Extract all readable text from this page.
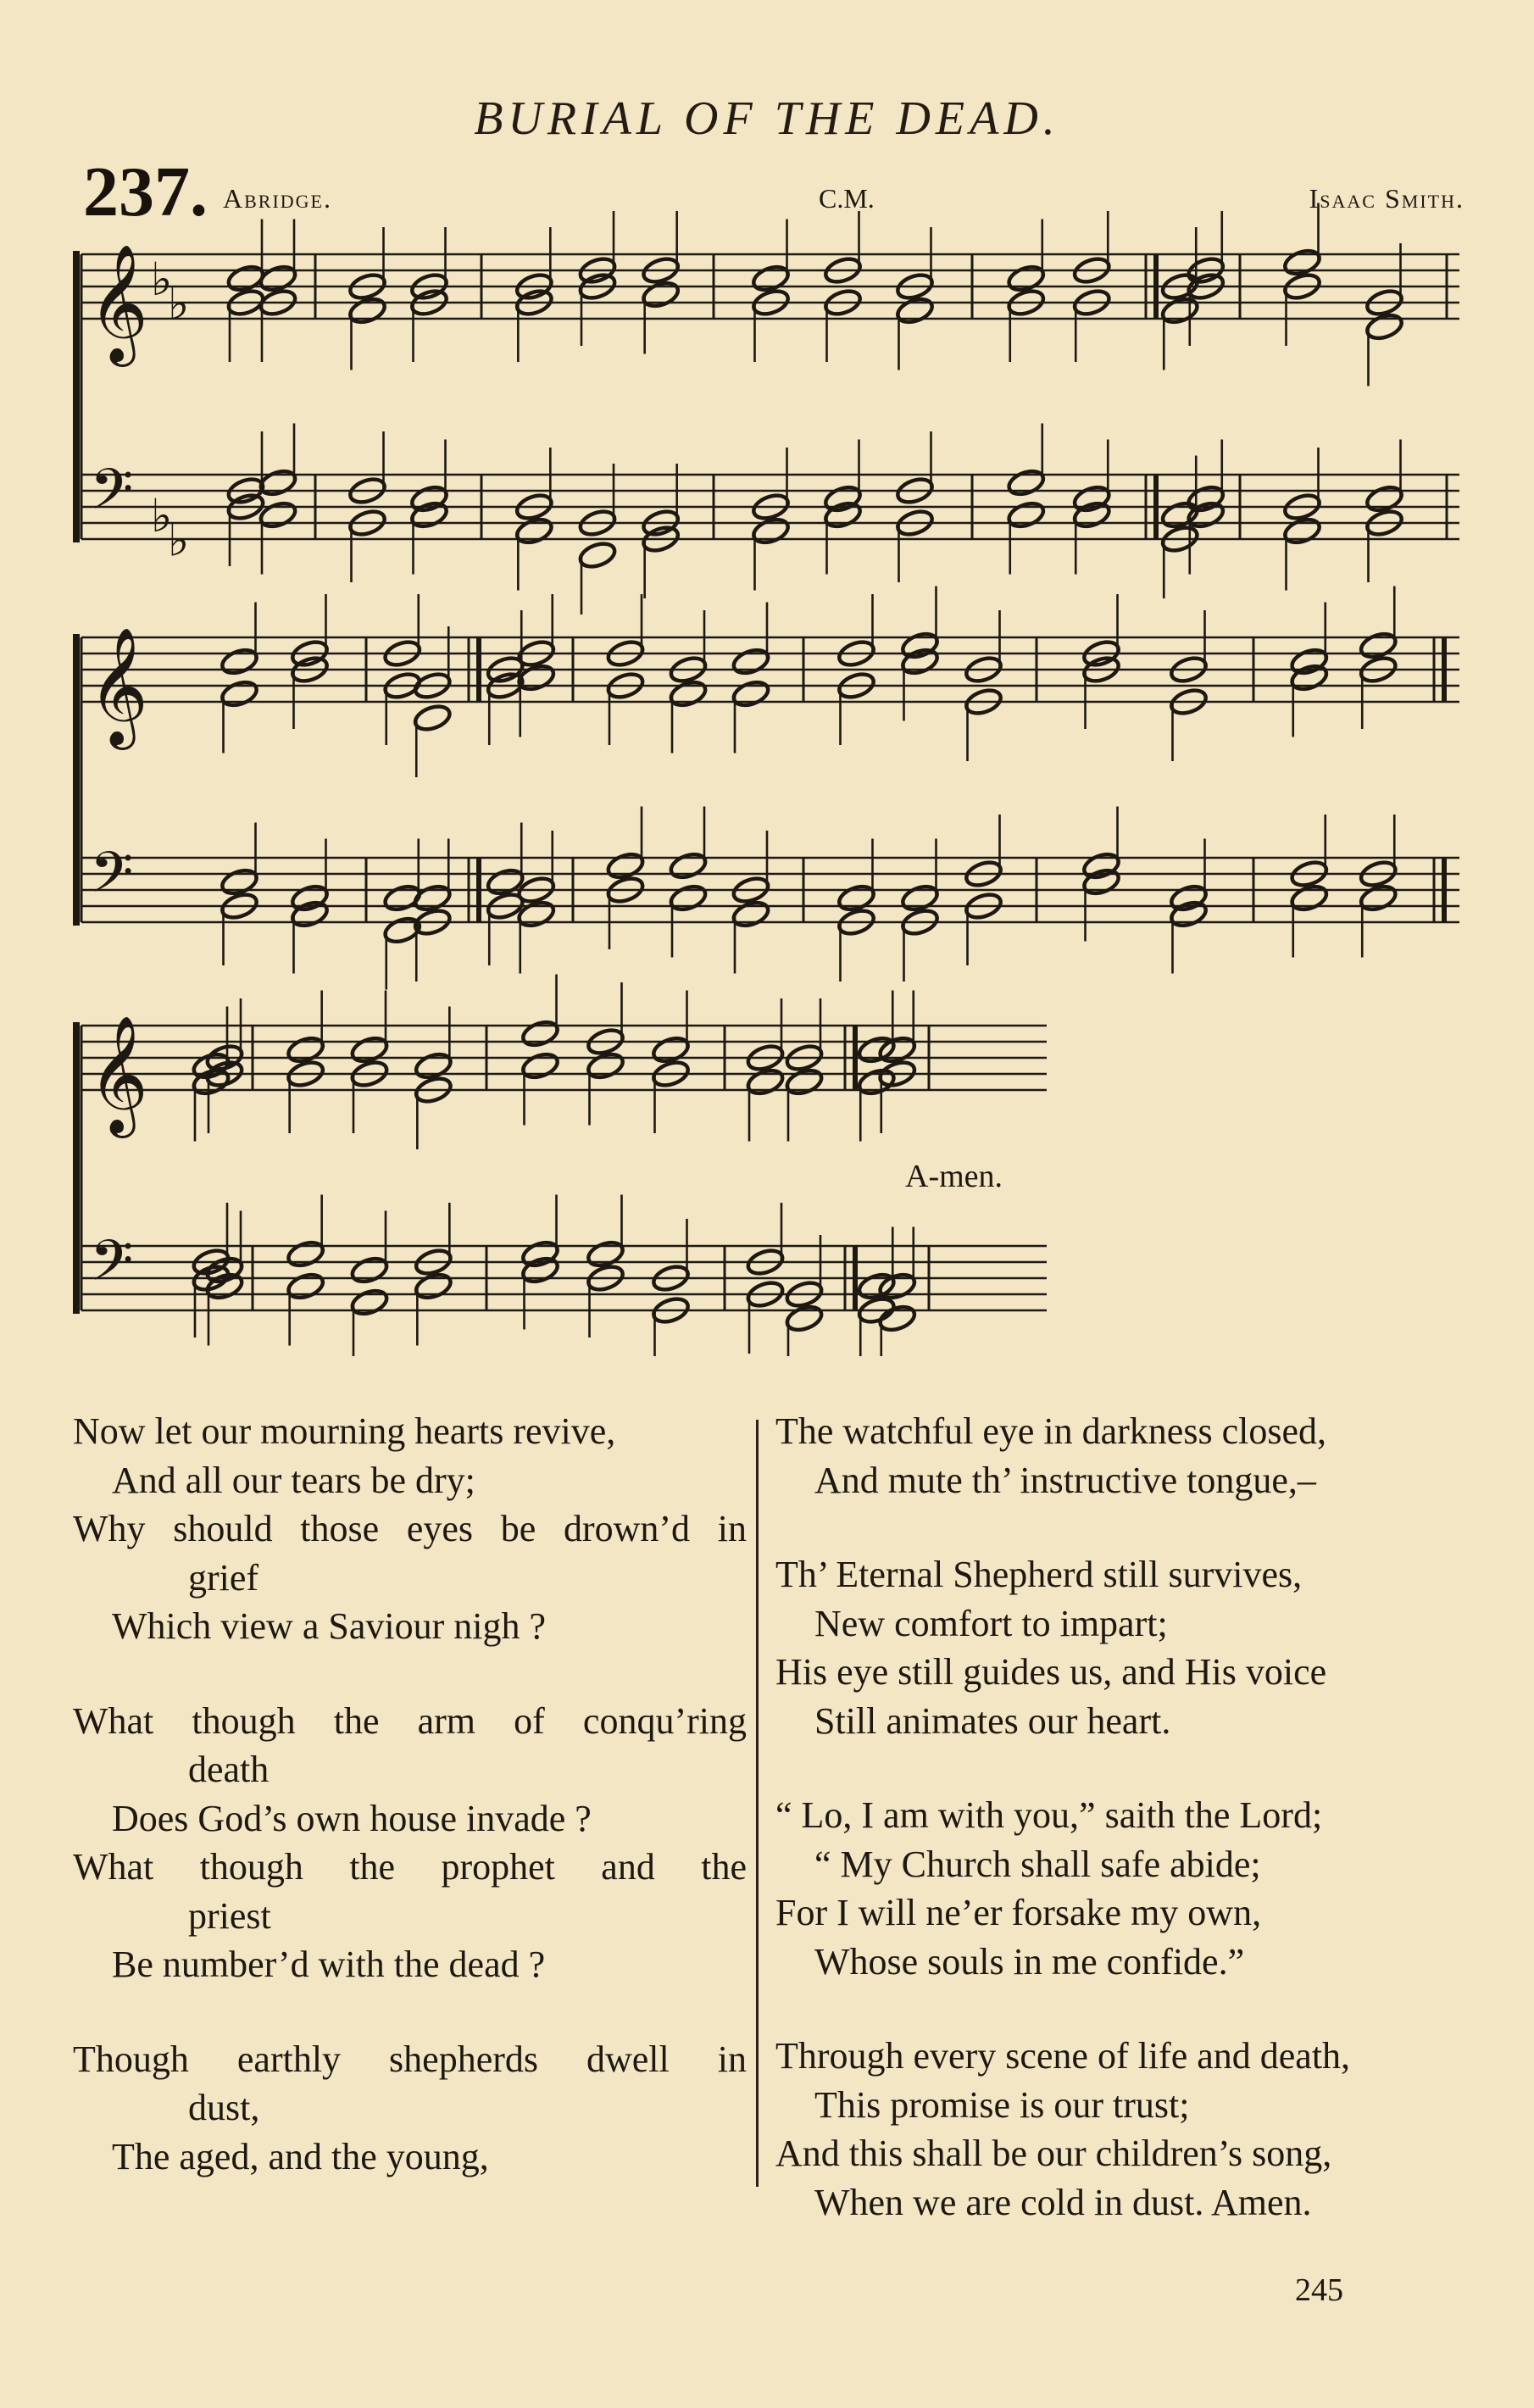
BURIAL OF THE DEAD.
237. Abridge.	C.M.	Isaac Smith.
𝄞
𝄢
♭
♭
♭
♭
𝄞
𝄢
𝄞
𝄢
A-men.
Now let our mourning hearts revive,
And all our tears be dry;
Why should those eyes be drown’d in
grief
Which view a Saviour nigh ?
What though the arm of conqu’ring
death
Does God’s own house invade ?
What though the prophet and the
priest
Be number’d with the dead ?
Though earthly shepherds dwell in
dust,
The aged, and the young,
The watchful eye in darkness closed,
And mute th’ instructive tongue,–
Th’ Eternal Shepherd still survives,
New comfort to impart;
His eye still guides us, and His voice
Still animates our heart.
“ Lo, I am with you,” saith the Lord;
“ My Church shall safe abide;
For I will ne’er forsake my own,
Whose souls in me confide.”
Through every scene of life and death,
This promise is our trust;
And this shall be our children’s song,
When we are cold in dust. Amen.
245
